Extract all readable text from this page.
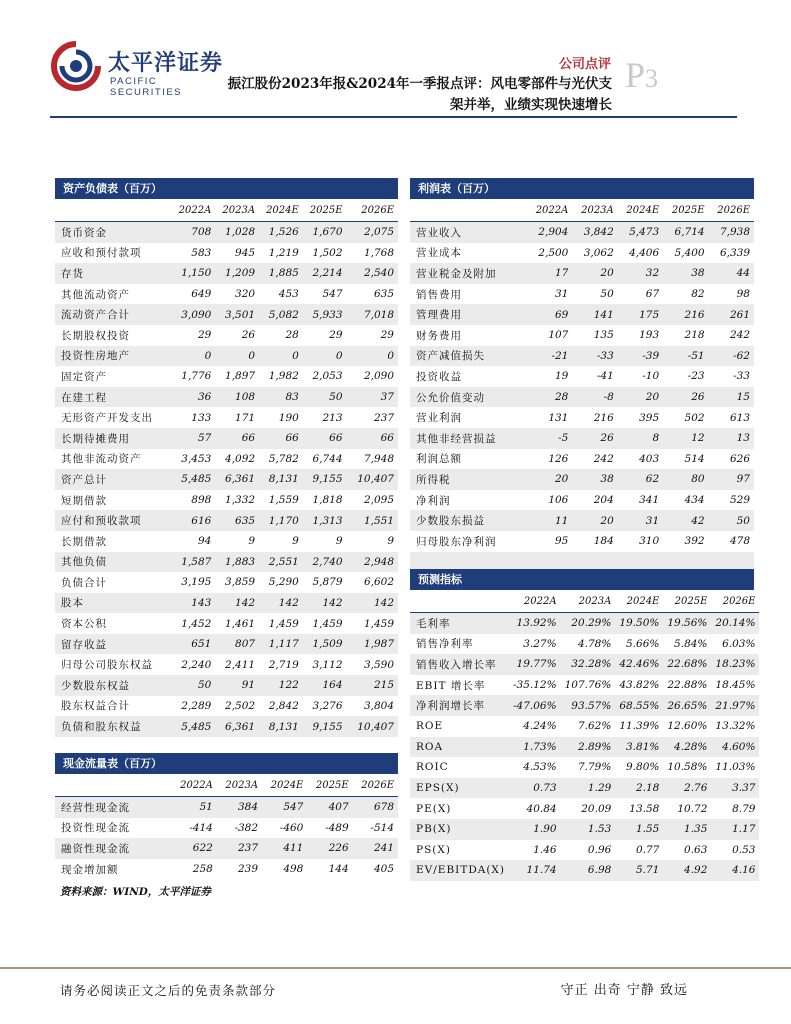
太平洋证券
PACIFIC SECURITIES
公司点评 P3
振江股份2023年报&2024年一季报点评：风电零部件与光伏支
架并举，业绩实现快速增长
资产负债表（百万）
	2022A	2023A	2024E	2025E	2026E
货币资金	708	1,028	1,526	1,670	2,075
应收和预付款项	583	945	1,219	1,502	1,768
存货	1,150	1,209	1,885	2,214	2,540
其他流动资产	649	320	453	547	635
流动资产合计	3,090	3,501	5,082	5,933	7,018
长期股权投资	29	26	28	29	29
投资性房地产	0	0	0	0	0
固定资产	1,776	1,897	1,982	2,053	2,090
在建工程	36	108	83	50	37
无形资产开发支出	133	171	190	213	237
长期待摊费用	57	66	66	66	66
其他非流动资产	3,453	4,092	5,782	6,744	7,948
资产总计	5,485	6,361	8,131	9,155	10,407
短期借款	898	1,332	1,559	1,818	2,095
应付和预收款项	616	635	1,170	1,313	1,551
长期借款	94	9	9	9	9
其他负债	1,587	1,883	2,551	2,740	2,948
负债合计	3,195	3,859	5,290	5,879	6,602
股本	143	142	142	142	142
资本公积	1,452	1,461	1,459	1,459	1,459
留存收益	651	807	1,117	1,509	1,987
归母公司股东权益	2,240	2,411	2,719	3,112	3,590
少数股东权益	50	91	122	164	215
股东权益合计	2,289	2,502	2,842	3,276	3,804
负债和股东权益	5,485	6,361	8,131	9,155	10,407
现金流量表（百万）
	2022A	2023A	2024E	2025E	2026E
经营性现金流	51	384	547	407	678
投资性现金流	-414	-382	-460	-489	-514
融资性现金流	622	237	411	226	241
现金增加额	258	239	498	144	405
利润表（百万）
	2022A	2023A	2024E	2025E	2026E
营业收入	2,904	3,842	5,473	6,714	7,938
营业成本	2,500	3,062	4,406	5,400	6,339
营业税金及附加	17	20	32	38	44
销售费用	31	50	67	82	98
管理费用	69	141	175	216	261
财务费用	107	135	193	218	242
资产减值损失	-21	-33	-39	-51	-62
投资收益	19	-41	-10	-23	-33
公允价值变动	28	-8	20	26	15
营业利润	131	216	395	502	613
其他非经营损益	-5	26	8	12	13
利润总额	126	242	403	514	626
所得税	20	38	62	80	97
净利润	106	204	341	434	529
少数股东损益	11	20	31	42	50
归母股东净利润	95	184	310	392	478
预测指标
	2022A	2023A	2024E	2025E	2026E
毛利率	13.92%	20.29%	19.50%	19.56%	20.14%
销售净利率	3.27%	4.78%	5.66%	5.84%	6.03%
销售收入增长率	19.77%	32.28%	42.46%	22.68%	18.23%
EBIT 增长率	-35.12%	107.76%	43.82%	22.88%	18.45%
净利润增长率	-47.06%	93.57%	68.55%	26.65%	21.97%
ROE	4.24%	7.62%	11.39%	12.60%	13.32%
ROA	1.73%	2.89%	3.81%	4.28%	4.60%
ROIC	4.53%	7.79%	9.80%	10.58%	11.03%
EPS(X)	0.73	1.29	2.18	2.76	3.37
PE(X)	40.84	20.09	13.58	10.72	8.79
PB(X)	1.90	1.53	1.55	1.35	1.17
PS(X)	1.46	0.96	0.77	0.63	0.53
EV/EBITDA(X)	11.74	6.98	5.71	4.92	4.16
资料来源：WIND，太平洋证券
请务必阅读正文之后的免责条款部分	守正 出奇 宁静 致远
